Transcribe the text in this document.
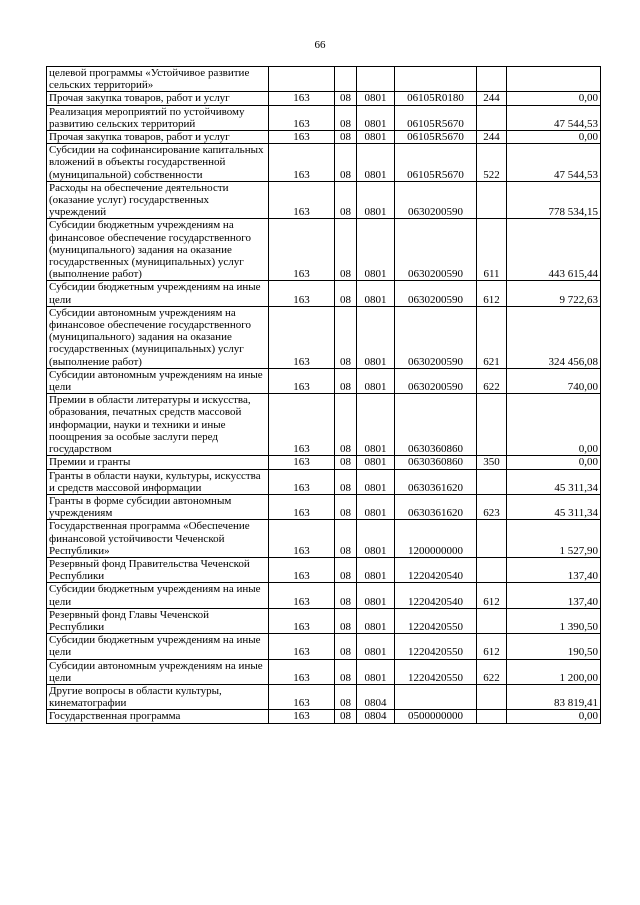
66
целевой программы «Устойчивое развитие сельских территорий»						
Прочая закупка товаров, работ и услуг	163	08	0801	06105R0180	244	0,00
Реализация мероприятий по устойчивому развитию сельских территорий	163	08	0801	06105R5670		47 544,53
Прочая закупка товаров, работ и услуг	163	08	0801	06105R5670	244	0,00
Субсидии на софинансирование капитальных вложений в объекты государственной (муниципальной) собственности	163	08	0801	06105R5670	522	47 544,53
Расходы на обеспечение деятельности (оказание услуг) государственных учреждений	163	08	0801	0630200590		778 534,15
Субсидии бюджетным учреждениям на финансовое обеспечение государственного (муниципального) задания на оказание государственных (муниципальных) услуг (выполнение работ)	163	08	0801	0630200590	611	443 615,44
Субсидии бюджетным учреждениям на иные цели	163	08	0801	0630200590	612	9 722,63
Субсидии автономным учреждениям на финансовое обеспечение государственного (муниципального) задания на оказание государственных (муниципальных) услуг (выполнение работ)	163	08	0801	0630200590	621	324 456,08
Субсидии автономным учреждениям на иные цели	163	08	0801	0630200590	622	740,00
Премии в области литературы и искусства, образования, печатных средств массовой информации, науки и техники и иные поощрения за особые заслуги перед государством	163	08	0801	0630360860		0,00
Премии и гранты	163	08	0801	0630360860	350	0,00
Гранты в области науки, культуры, искусства и средств массовой информации	163	08	0801	0630361620		45 311,34
Гранты в форме субсидии автономным учреждениям	163	08	0801	0630361620	623	45 311,34
Государственная программа «Обеспечение финансовой устойчивости Чеченской Республики»	163	08	0801	1200000000		1 527,90
Резервный фонд Правительства Чеченской Республики	163	08	0801	1220420540		137,40
Субсидии бюджетным учреждениям на иные цели	163	08	0801	1220420540	612	137,40
Резервный фонд Главы Чеченской Республики	163	08	0801	1220420550		1 390,50
Субсидии бюджетным учреждениям на иные цели	163	08	0801	1220420550	612	190,50
Субсидии автономным учреждениям на иные цели	163	08	0801	1220420550	622	1 200,00
Другие вопросы в области культуры, кинематографии	163	08	0804			83 819,41
Государственная программа	163	08	0804	0500000000		0,00
